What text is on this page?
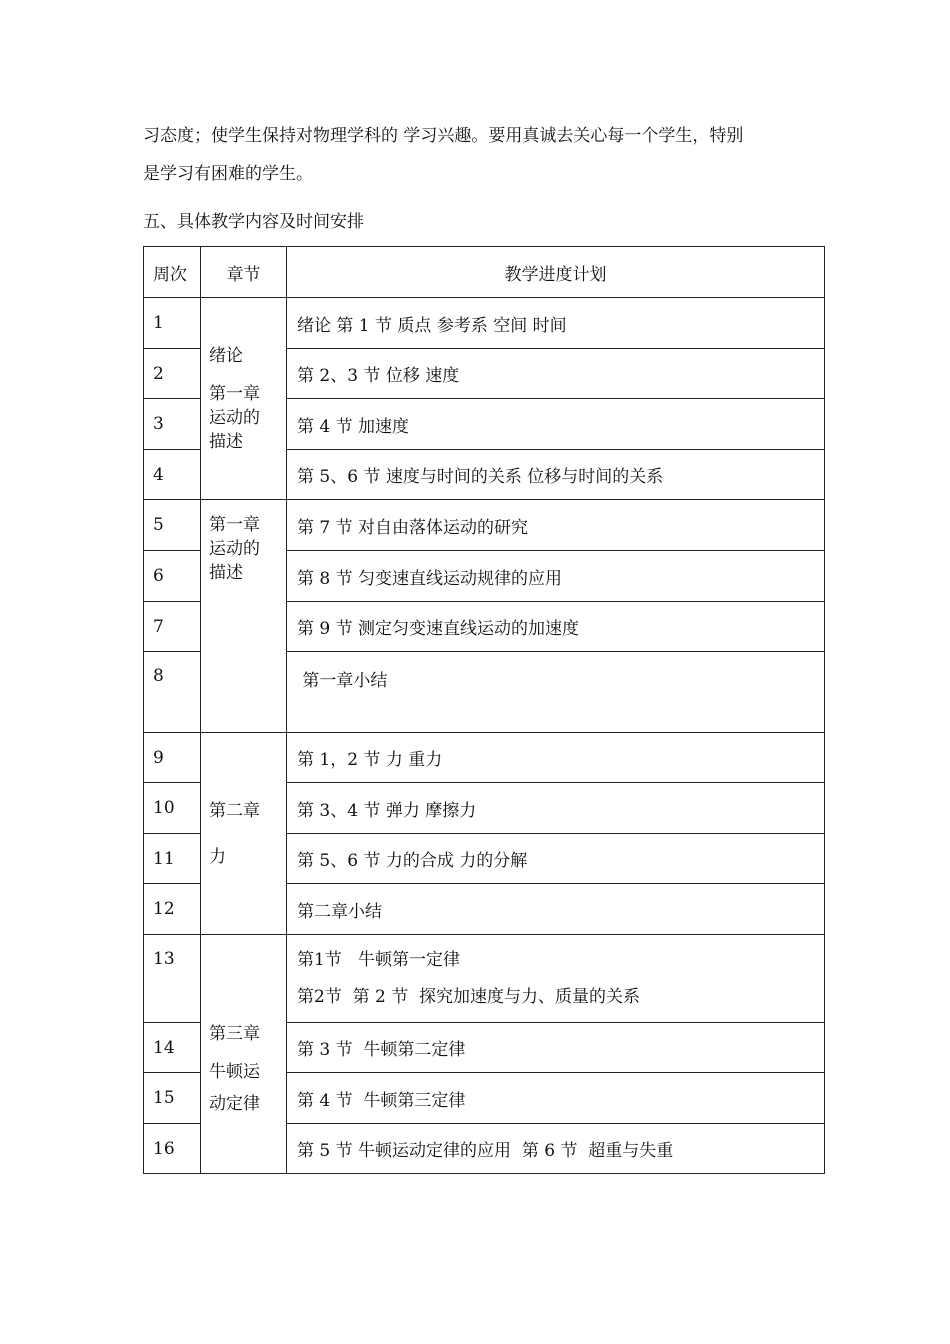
习态度；使学生保持对物理学科的 学习兴趣。要用真诚去关心每一个学生，特别

是学习有困难的学生。

五、具体教学内容及时间安排
周次	章节	教学进度计划
1	绪论
第一章
运动的
描述	绪论 第 1 节 质点 参考系 空间 时间

2		第 2、3 节 位移 速度

3		第 4 节 加速度

4		第 5、6 节 速度与时间的关系 位移与时间的关系

5	第一章
运动的
描述	第 7 节 对自由落体运动的研究

6		第 8 节 匀变速直线运动规律的应用

7		第 9 节 测定匀变速直线运动的加速度

8		第一章小结

9	第二章
力	第 1，2 节 力 重力

10		第 3、4 节 弹力 摩擦力

11		第 5、6 节 力的合成 力的分解

12		第二章小结

13	第三章
牛顿运
动定律	第1节   牛顿第一定律
第2节  第 2 节  探究加速度与力、质量的关系

14		第 3 节  牛顿第二定律

15		第 4 节  牛顿第三定律

16		第 5 节 牛顿运动定律的应用  第 6 节  超重与失重
